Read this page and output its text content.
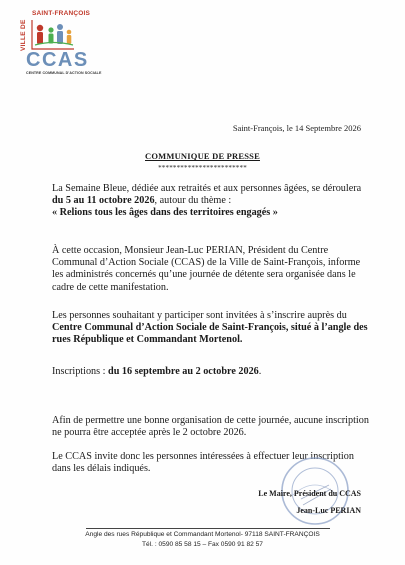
VILLE DE
SAINT-FRANÇOIS
CCAS
CENTRE COMMUNAL D'ACTION SOCIALE
Saint-François, le 14 Septembre 2026
COMMUNIQUE DE PRESSE
************************

La Semaine Bleue, dédiée aux retraités et aux personnes âgées, se déroulera du 5 au 11 octobre 2026, autour du thème :

« Relions tous les âges dans des territoires engagés »

À cette occasion, Monsieur Jean-Luc PERIAN, Président du Centre Communal d’Action Sociale (CCAS) de la Ville de Saint-François, informe les administrés concernés qu’une journée de détente sera organisée dans le cadre de cette manifestation.

Les personnes souhaitant y participer sont invitées à s’inscrire auprès du Centre Communal d’Action Sociale de Saint-François, situé à l’angle des rues République et Commandant Mortenol.

Inscriptions : du 16 septembre au 2 octobre 2026.

Afin de permettre une bonne organisation de cette journée, aucune inscription ne pourra être acceptée après le 2 octobre 2026.

Le CCAS invite donc les personnes intéressées à effectuer leur inscription dans les délais indiqués.

Le Maire, Président du CCAS
Jean-Luc PERIAN
Angle des rues République et Commandant Mortenol- 97118 SAINT-FRANÇOIS
Tél. : 0590 85 58 15 – Fax 0590 91 82 57
